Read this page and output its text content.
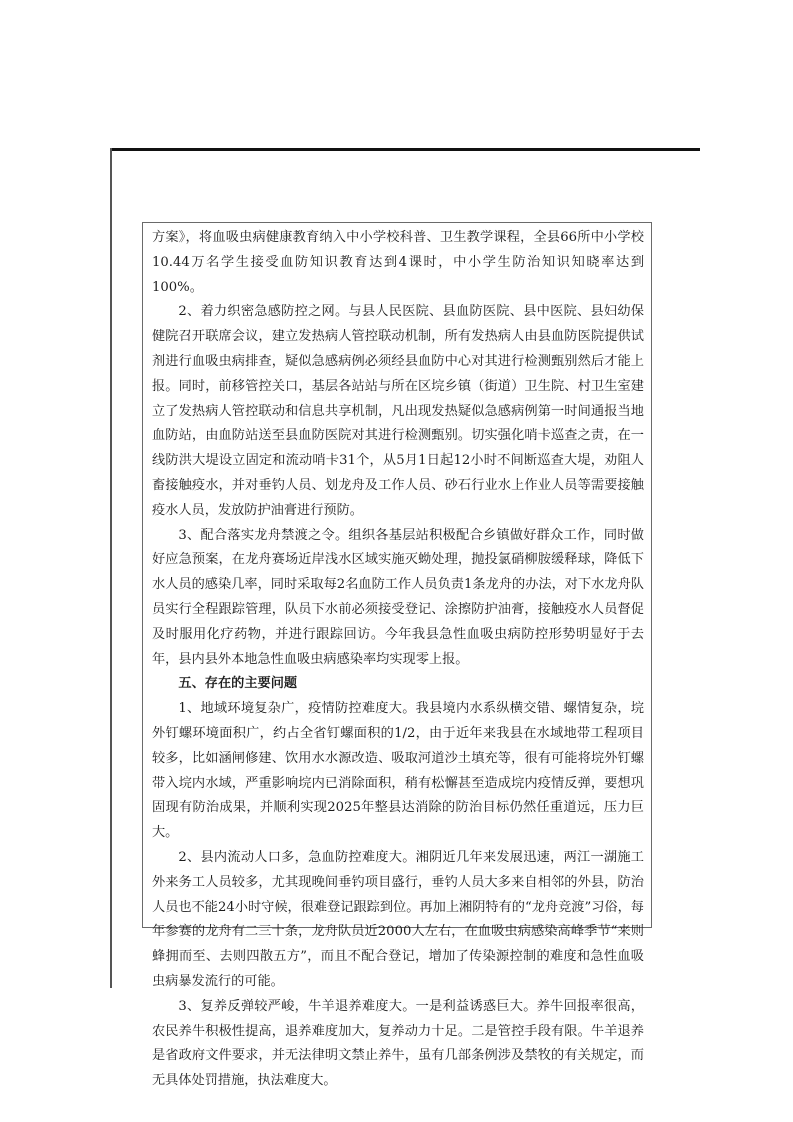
方案》，将血吸虫病健康教育纳入中小学校科普、卫生教学课程，全县66所中小学校10.44万名学生接受血防知识教育达到4课时，中小学生防治知识知晓率达到100%。

2、着力织密急感防控之网。与县人民医院、县血防医院、县中医院、县妇幼保健院召开联席会议，建立发热病人管控联动机制，所有发热病人由县血防医院提供试剂进行血吸虫病排查，疑似急感病例必须经县血防中心对其进行检测甄别然后才能上报。同时，前移管控关口，基层各站站与所在区垸乡镇（街道）卫生院、村卫生室建立了发热病人管控联动和信息共享机制，凡出现发热疑似急感病例第一时间通报当地血防站，由血防站送至县血防医院对其进行检测甄别。切实强化哨卡巡查之责，在一线防洪大堤设立固定和流动哨卡31个，从5月1日起12小时不间断巡查大堤，劝阻人畜接触疫水，并对垂钓人员、划龙舟及工作人员、砂石行业水上作业人员等需要接触疫水人员，发放防护油膏进行预防。

3、配合落实龙舟禁渡之令。组织各基层站积极配合乡镇做好群众工作，同时做好应急预案，在龙舟赛场近岸浅水区域实施灭蚴处理，抛投氯硝柳胺缓释球，降低下水人员的感染几率，同时采取每2名血防工作人员负责1条龙舟的办法，对下水龙舟队员实行全程跟踪管理，队员下水前必须接受登记、涂擦防护油膏，接触疫水人员督促及时服用化疗药物，并进行跟踪回访。今年我县急性血吸虫病防控形势明显好于去年，县内县外本地急性血吸虫病感染率均实现零上报。

五、存在的主要问题

1、地域环境复杂广，疫情防控难度大。我县境内水系纵横交错、螺情复杂，垸外钉螺环境面积广，约占全省钉螺面积的1/2，由于近年来我县在水域地带工程项目较多，比如涵闸修建、饮用水水源改造、吸取河道沙土填充等，很有可能将垸外钉螺带入垸内水域，严重影响垸内已消除面积，稍有松懈甚至造成垸内疫情反弹，要想巩固现有防治成果，并顺利实现2025年整县达消除的防治目标仍然任重道远，压力巨大。

2、县内流动人口多，急血防控难度大。湘阴近几年来发展迅速，两江一湖施工外来务工人员较多，尤其现晚间垂钓项目盛行，垂钓人员大多来自相邻的外县，防治人员也不能24小时守候，很难登记跟踪到位。再加上湘阴特有的“龙舟竞渡”习俗，每年参赛的龙舟有二三十条，龙舟队员近2000人左右，在血吸虫病感染高峰季节“来则蜂拥而至、去则四散五方”，而且不配合登记，增加了传染源控制的难度和急性血吸虫病暴发流行的可能。

3、复养反弹较严峻，牛羊退养难度大。一是利益诱惑巨大。养牛回报率很高，农民养牛积极性提高，退养难度加大，复养动力十足。二是管控手段有限。牛羊退养是省政府文件要求，并无法律明文禁止养牛，虽有几部条例涉及禁牧的有关规定，而无具体处罚措施，执法难度大。
